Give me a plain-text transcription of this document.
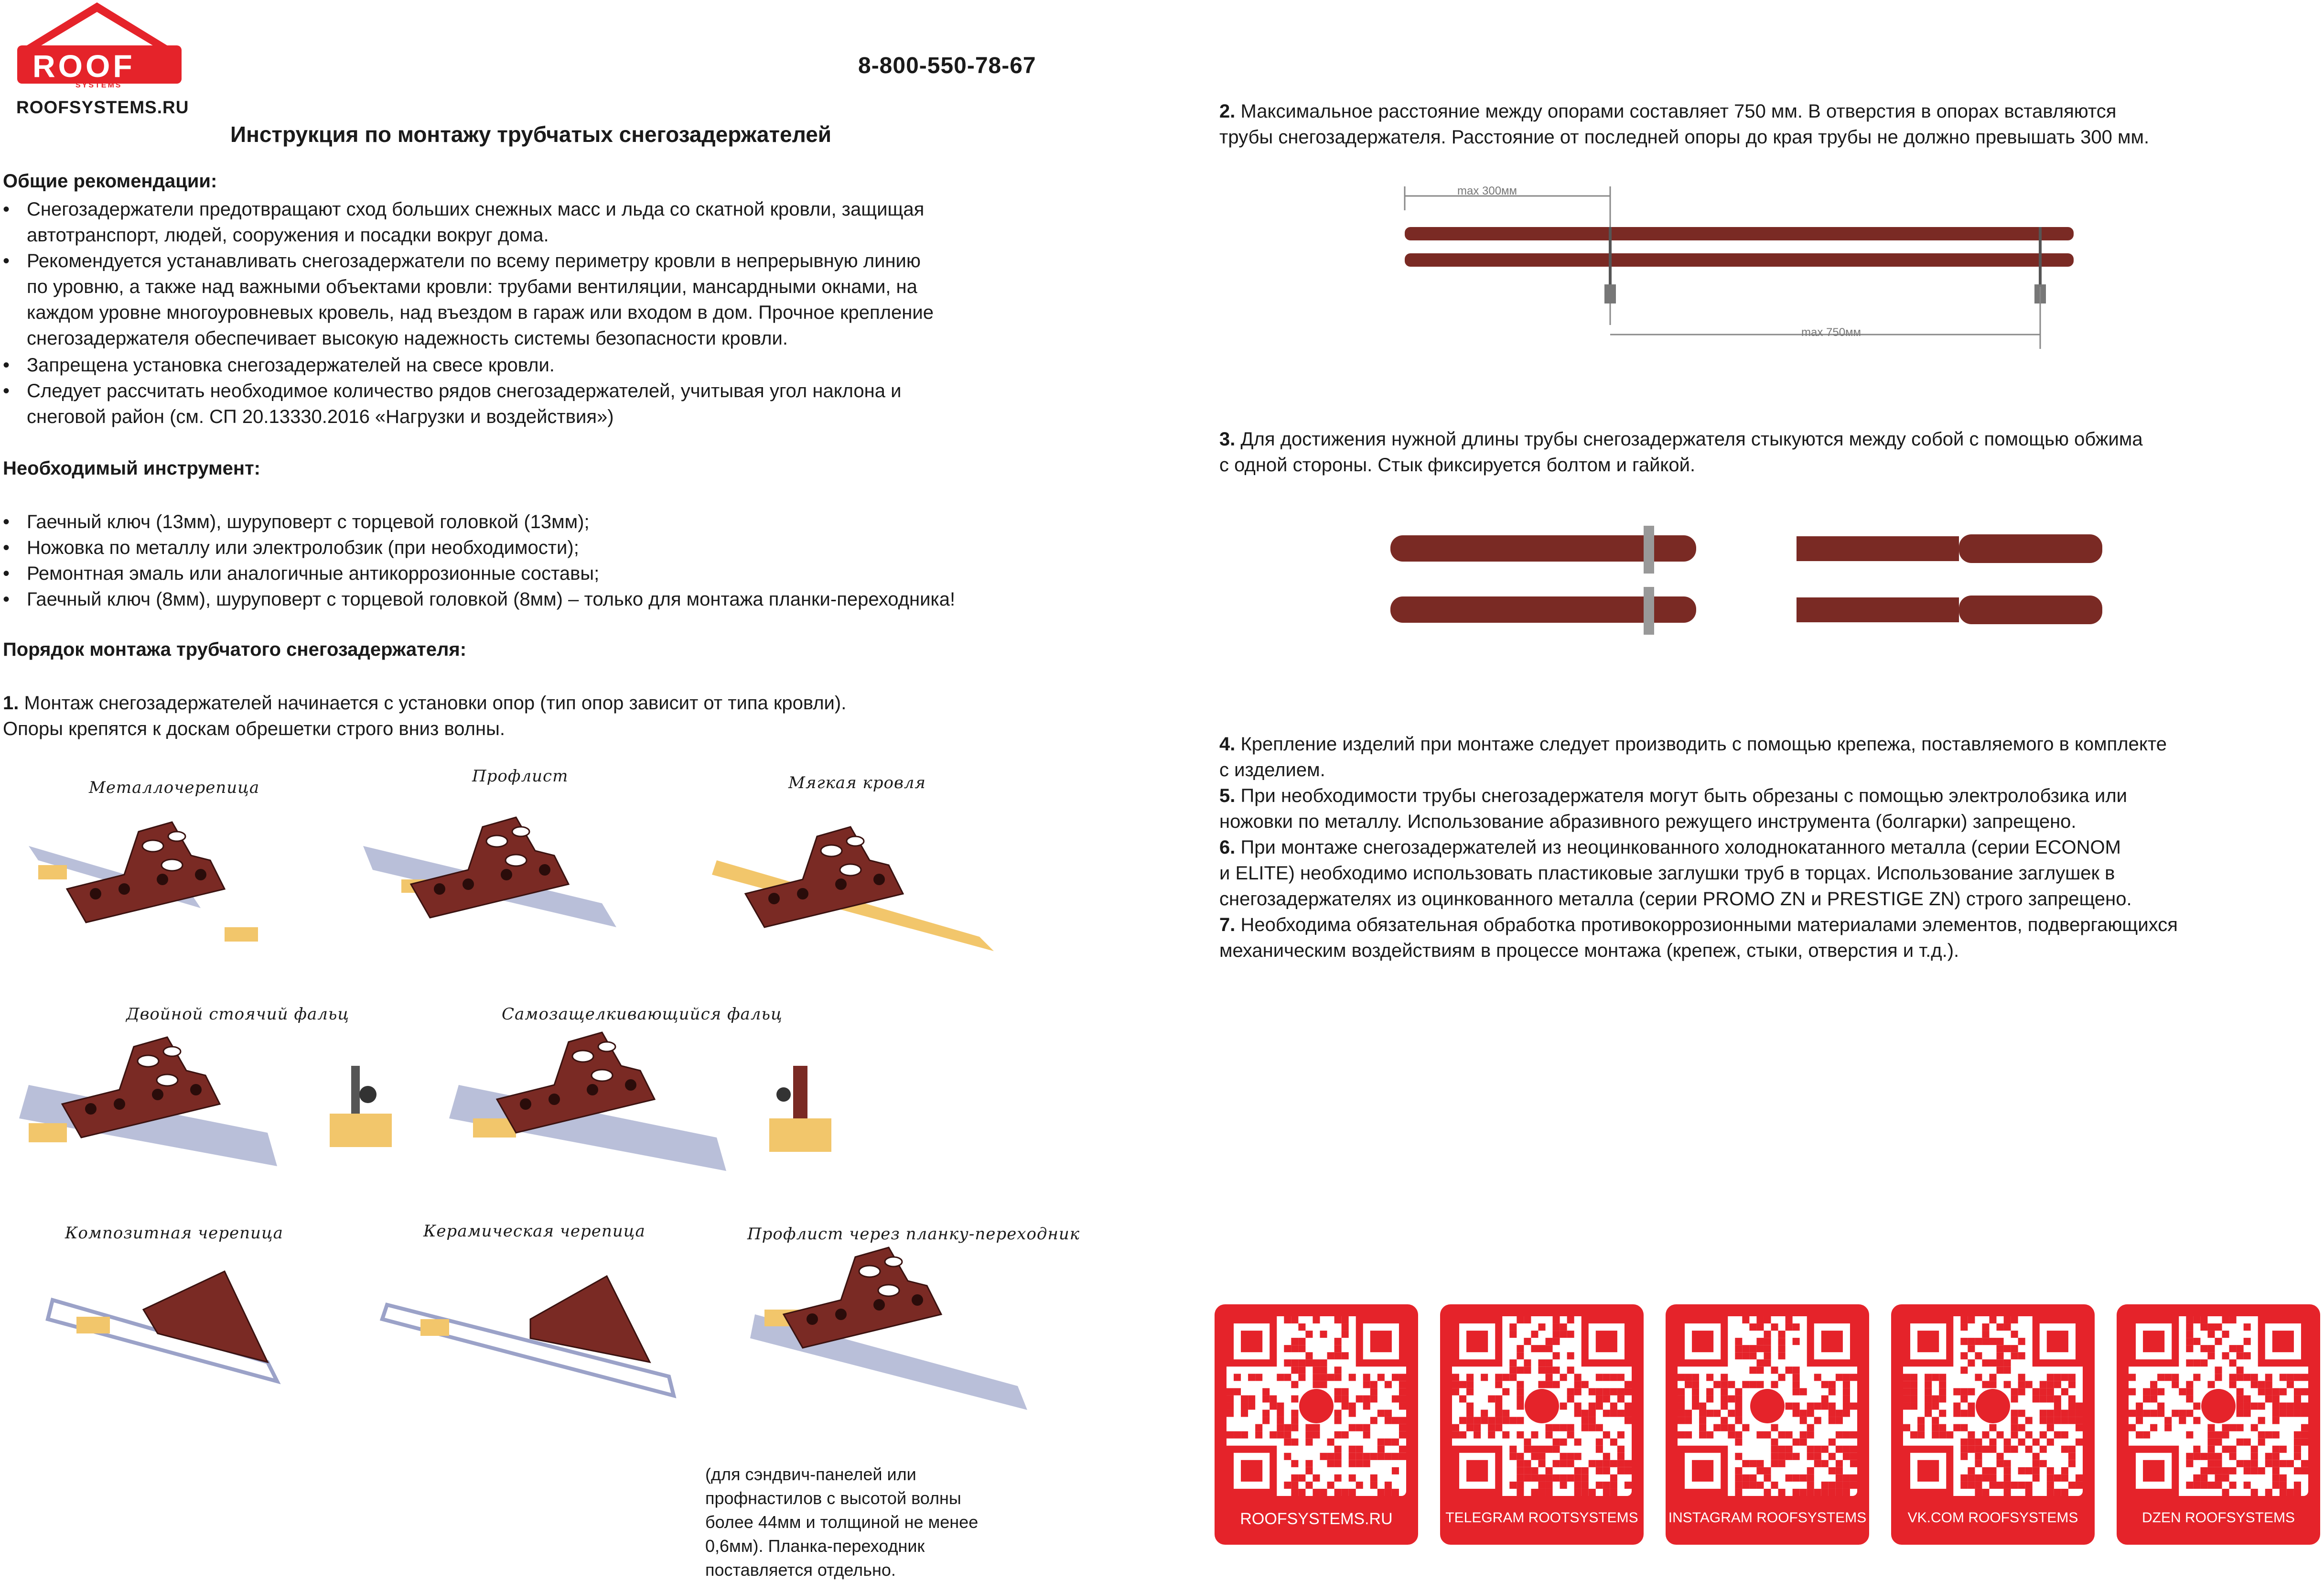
ROOF
SYSTEMS
ROOFSYSTEMS.RU
8-800-550-78-67
Инструкция по монтажу трубчатых снегозадержателей
Общие рекомендации:
• Снегозадержатели предотвращают сход больших снежных масс и льда со скатной кровли, защищая
автотранспорт, людей, сооружения и посадки вокруг дома.
• Рекомендуется устанавливать снегозадержатели по всему периметру кровли в непрерывную линию
по уровню, а также над важными объектами кровли: трубами вентиляции, мансардными окнами, на
каждом уровне многоуровневых кровель, над въездом в гараж или входом в дом. Прочное крепление
снегозадержателя обеспечивает высокую надежность системы безопасности кровли.
• Запрещена установка снегозадержателей на свесе кровли.
• Следует рассчитать необходимое количество рядов снегозадержателей, учитывая угол наклона и
снеговой район (см. СП 20.13330.2016 «Нагрузки и воздействия»)
Необходимый инструмент:
• Гаечный ключ (13мм), шуруповерт с торцевой головкой (13мм);
• Ножовка по металлу или электролобзик (при необходимости);
• Ремонтная эмаль или аналогичные антикоррозионные составы;
• Гаечный ключ (8мм), шуруповерт с торцевой головкой (8мм) – только для монтажа планки-переходника!
Порядок монтажа трубчатого снегозадержателя:
1. Монтаж снегозадержателей начинается с установки опор (тип опор зависит от типа кровли).
Опоры крепятся к доскам обрешетки строго вниз волны.
Металлочерепица
Профлист	Мягкая кровля
Двойной стоячий фальц	Самозащелкивающийся фальц
Композитная черепица	Керамическая черепица	Профлист через планку-переходник
(для сэндвич-панелей или
профнастилов с высотой волны
более 44мм и толщиной не менее
0,6мм). Планка-переходник
поставляется отдельно.
2. Максимальное расстояние между опорами составляет 750 мм. В отверстия в опорах вставляются
трубы снегозадержателя. Расстояние от последней опоры до края трубы не должно превышать 300 мм.
max 300мм
max 750мм
3. Для достижения нужной длины трубы снегозадержателя стыкуются между собой с помощью обжима
с одной стороны. Стык фиксируется болтом и гайкой.
4. Крепление изделий при монтаже следует производить с помощью крепежа, поставляемого в комплекте
с изделием.
5. При необходимости трубы снегозадержателя могут быть обрезаны с помощью электролобзика или
ножовки по металлу. Использование абразивного режущего инструмента (болгарки) запрещено.
6. При монтаже снегозадержателей из неоцинкованного холоднокатанного металла (серии ECONOM
и ELITE) необходимо использовать пластиковые заглушки труб в торцах. Использование заглушек в
снегозадержателях из оцинкованного металла (серии PROMO ZN и PRESTIGE ZN) строго запрещено.
7. Необходима обязательная обработка противокоррозионными материалами элементов, подвергающихся
механическим воздействиям в процессе монтажа (крепеж, стыки, отверстия и т.д.).
ROOFSYSTEMS.RU	TELEGRAM ROOTSYSTEMS	INSTAGRAM ROOFSYSTEMS	VK.COM ROOFSYSTEMS	DZEN ROOFSYSTEMS
